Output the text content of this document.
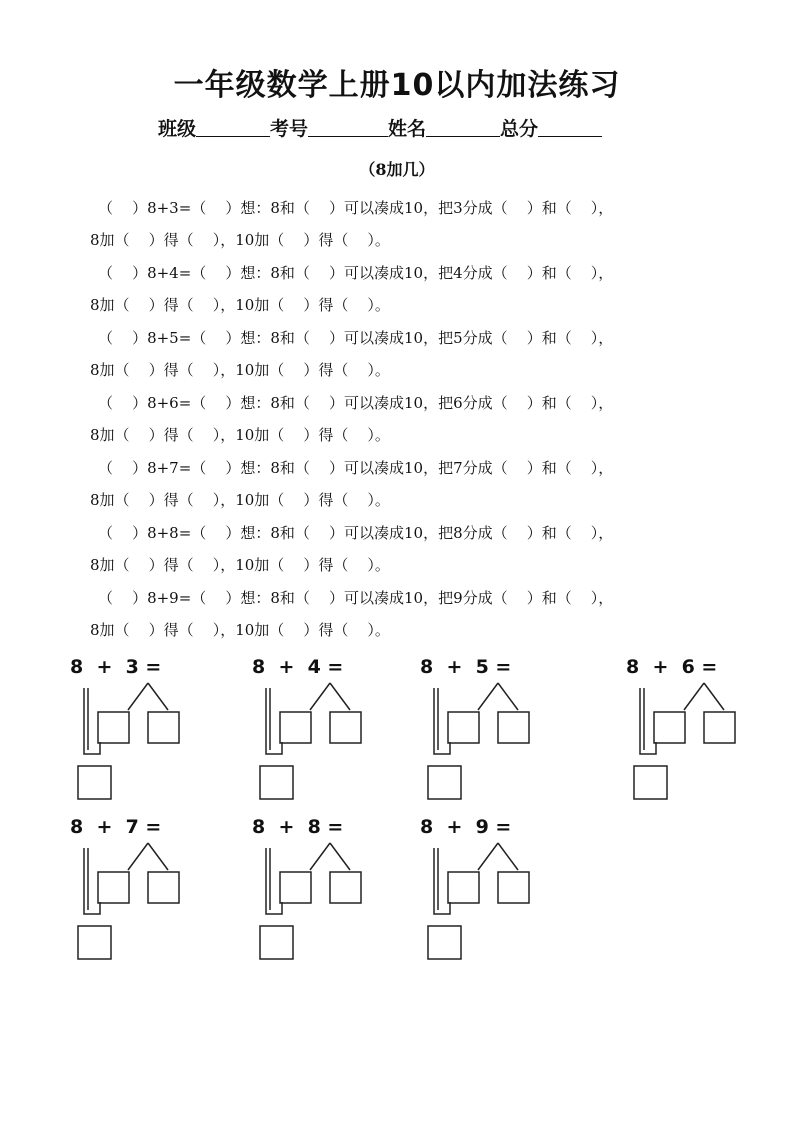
一年级数学上册10以内加法练习
班级	考号	姓名	总分
（8加几）
（    ）8+3=（    ）想：8和（    ）可以凑成10，把3分成（    ）和（    ），
8加（    ）得（    ），10加（    ）得（    ）。
（    ）8+4=（    ）想：8和（    ）可以凑成10，把4分成（    ）和（    ），
8加（    ）得（    ），10加（    ）得（    ）。
（    ）8+5=（    ）想：8和（    ）可以凑成10，把5分成（    ）和（    ），
8加（    ）得（    ），10加（    ）得（    ）。
（    ）8+6=（    ）想：8和（    ）可以凑成10，把6分成（    ）和（    ），
8加（    ）得（    ），10加（    ）得（    ）。
（    ）8+7=（    ）想：8和（    ）可以凑成10，把7分成（    ）和（    ），
8加（    ）得（    ），10加（    ）得（    ）。
（    ）8+8=（    ）想：8和（    ）可以凑成10，把8分成（    ）和（    ），
8加（    ）得（    ），10加（    ）得（    ）。
（    ）8+9=（    ）想：8和（    ）可以凑成10，把9分成（    ）和（    ），
8加（    ）得（    ），10加（    ）得（    ）。
8  +  3 =	8  +  4 =	8  +  5 =	8  +  6 =
8  +  7 =	8  +  8 =	8  +  9 =
